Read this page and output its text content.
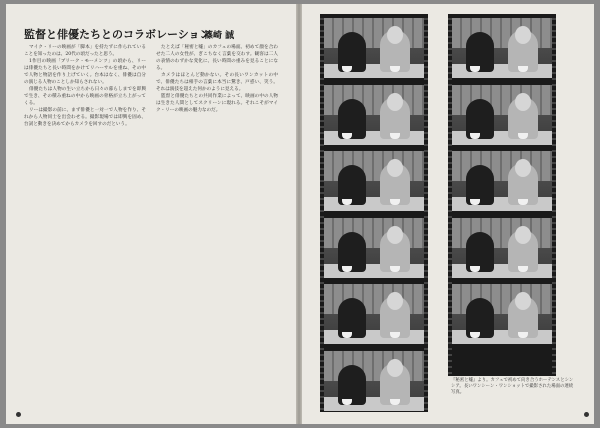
監督と俳優たちとのコラボレーション
篠崎 誠

マイク・リーの映画が「脚本」を持たずに作られていることを知ったのは、20代の頃だったと思う。

1作目の映画「ブリーク・モーメンツ」の頃から、リーは俳優たちと長い時間をかけてリハーサルを重ね、その中で人物と物語を作り上げていく。台本はなく、俳優は自分の演じる人物のことしか知らされない。

俳優たちは人物の生い立ちから日々の暮らしまでを即興で生き、その積み重ねの中から映画の骨格が立ち上がってくる。

リーは撮影の前に、まず俳優と一対一で人物を作り、それから人物同士を出会わせる。撮影現場では即興を固め、台詞と動きを決めてからカメラを回すのだという。

たとえば「秘密と嘘」のカフェの場面。初めて顔を合わせた二人の女性が、ぎこちなく言葉を交わす。観客は二人の表情のわずかな変化に、長い時間の重みを見ることになる。

カメラはほとんど動かない。その長いワンカットの中で、俳優たちは相手の言葉に本当に驚き、戸惑い、笑う。それは演技を超えた何かのように見える。

監督と俳優たちとの共同作業によって、映画の中の人物は生きた人間としてスクリーンに現れる。それこそがマイク・リーの映画の魅力なのだ。

『秘密と嘘』より。カフェで初めて向き合うホーテンスとシンシア。長いワンシーン・ワンショットで撮影された場面の連続写真。
